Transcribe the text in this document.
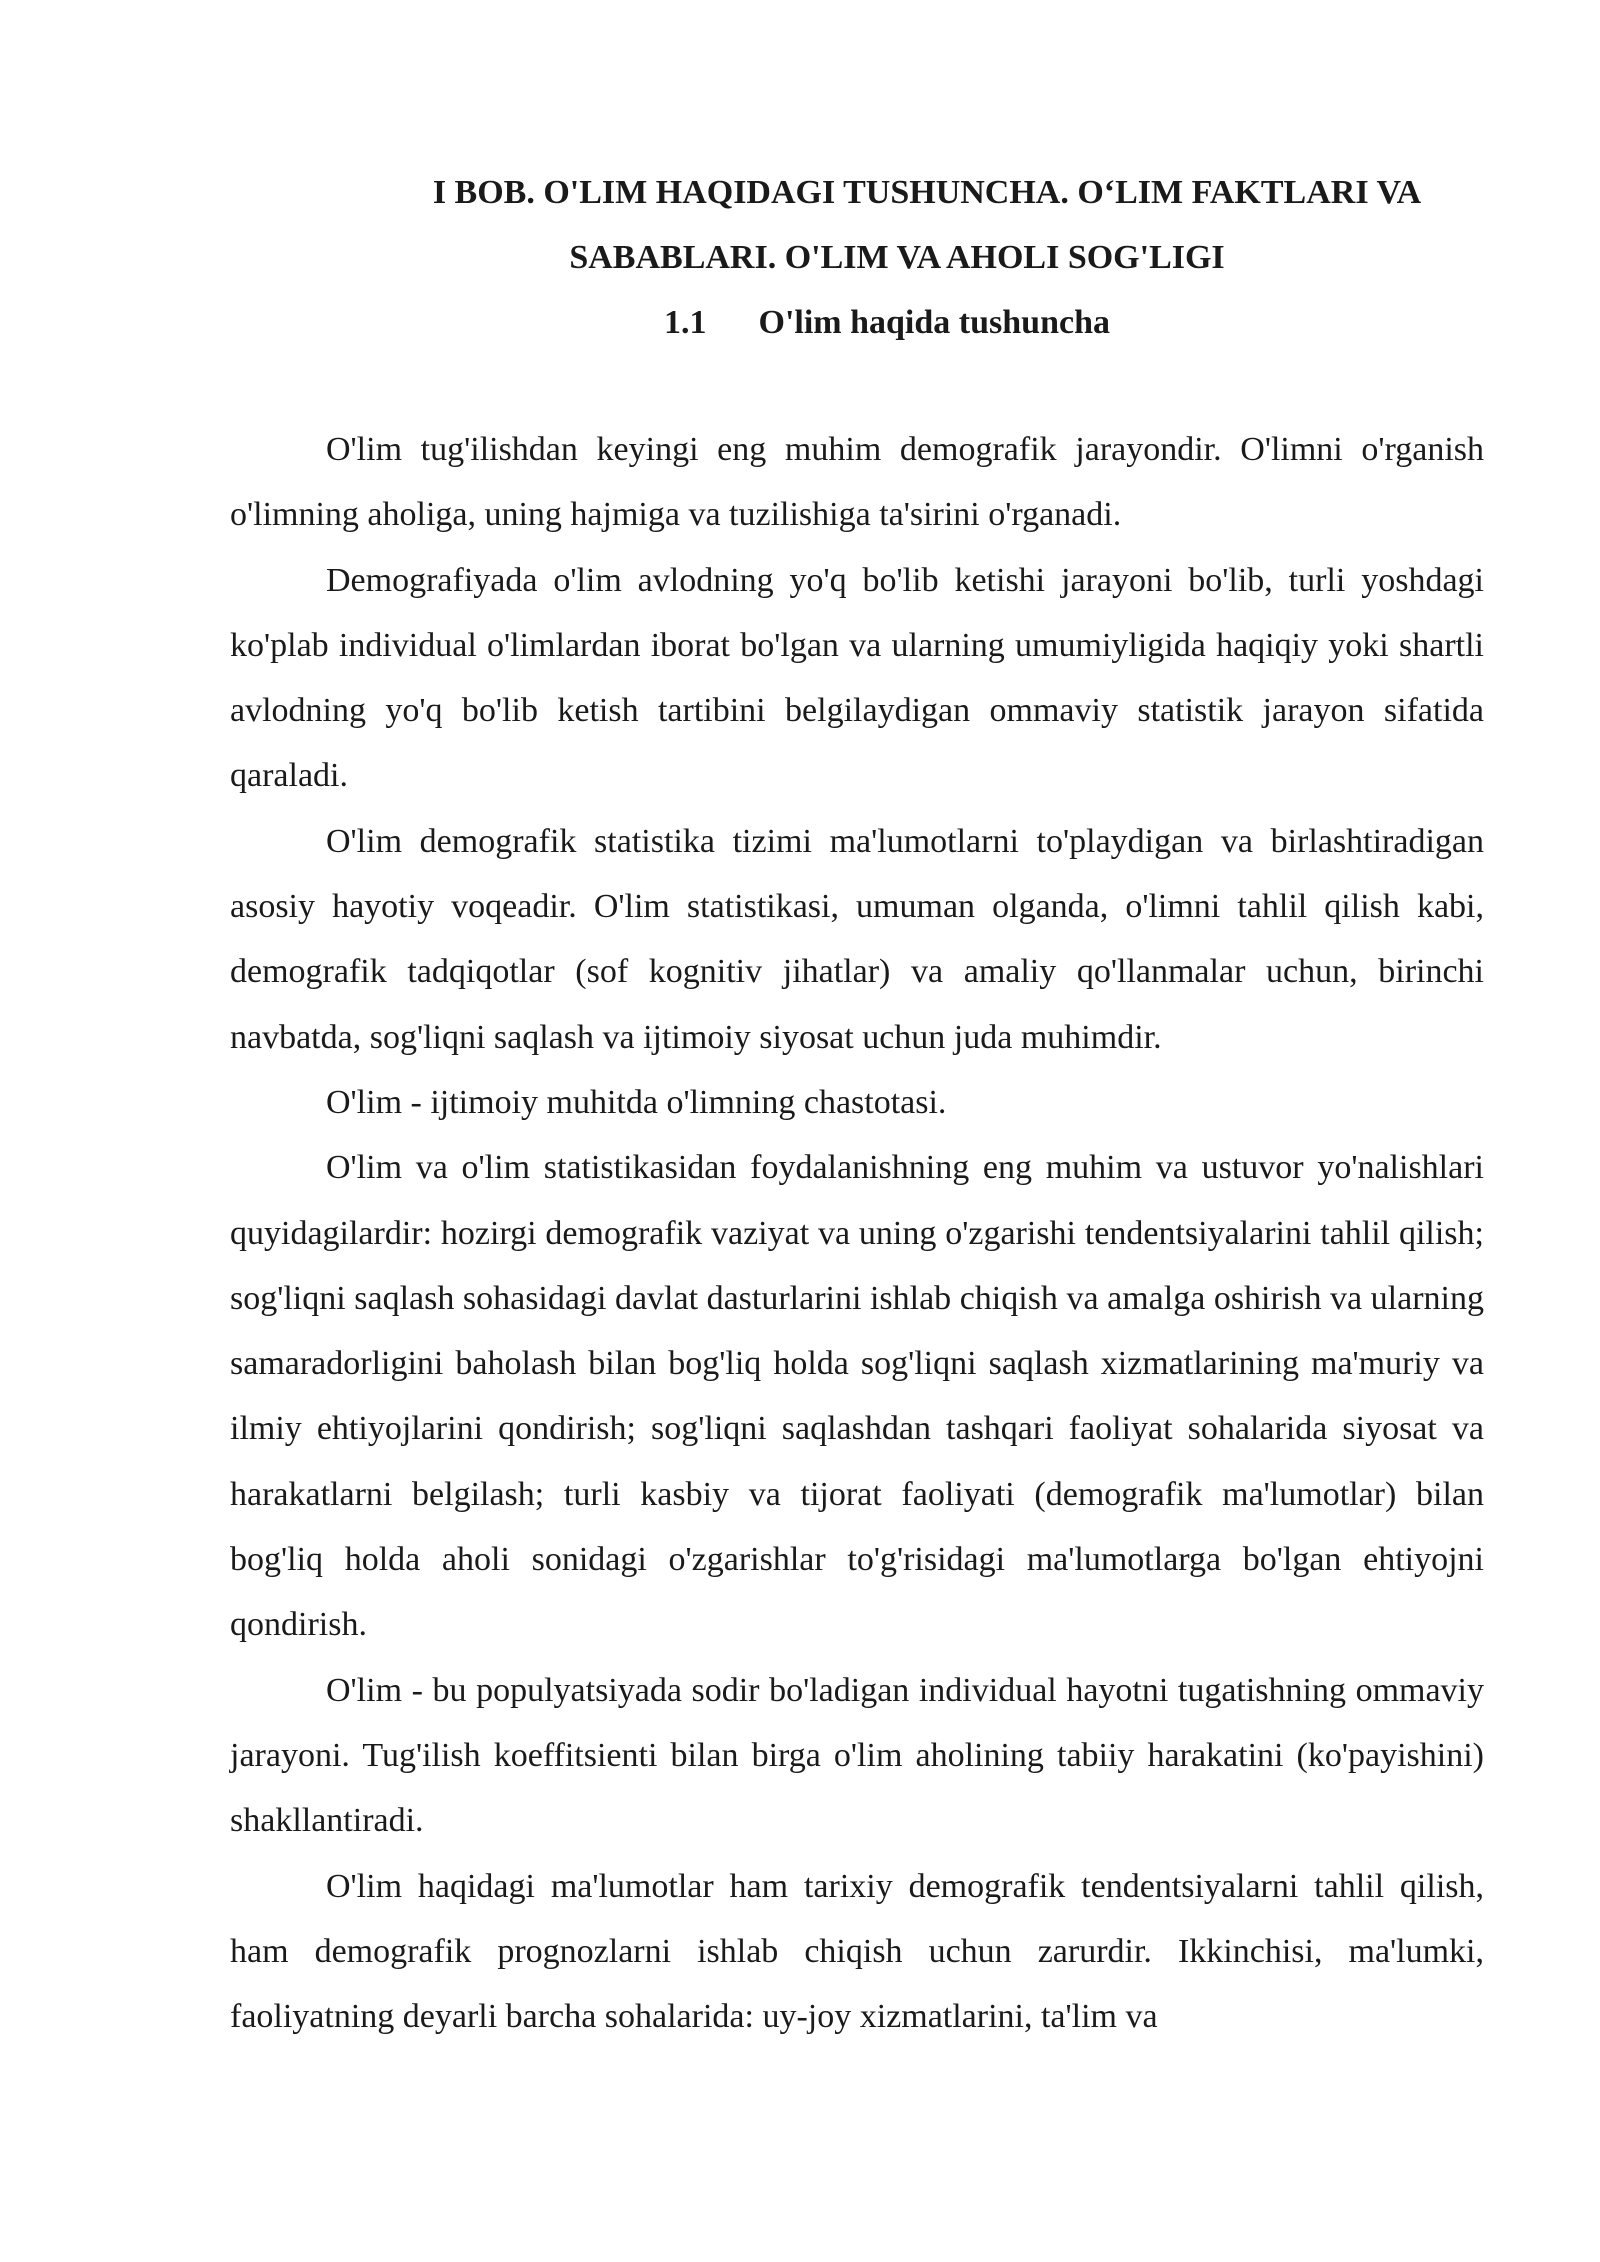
I BOB. O'LIM HAQIDAGI TUSHUNCHA. O‘LIM FAKTLARI VA
SABABLARI. O'LIM VA AHOLI SOG'LIGI
1.1 O'lim haqida tushuncha

O'lim tug'ilishdan keyingi eng muhim demografik jarayondir. O'limni o'rganish o'limning aholiga, uning hajmiga va tuzilishiga ta'sirini o'rganadi.

Demografiyada o'lim avlodning yo'q bo'lib ketishi jarayoni bo'lib, turli yoshdagi ko'plab individual o'limlardan iborat bo'lgan va ularning umumiyligida haqiqiy yoki shartli avlodning yo'q bo'lib ketish tartibini belgilaydigan ommaviy statistik jarayon sifatida qaraladi.

O'lim demografik statistika tizimi ma'lumotlarni to'playdigan va birlashtiradigan asosiy hayotiy voqeadir. O'lim statistikasi, umuman olganda, o'limni tahlil qilish kabi, demografik tadqiqotlar (sof kognitiv jihatlar) va amaliy qo'llanmalar uchun, birinchi navbatda, sog'liqni saqlash va ijtimoiy siyosat uchun juda muhimdir.

O'lim - ijtimoiy muhitda o'limning chastotasi.

O'lim va o'lim statistikasidan foydalanishning eng muhim va ustuvor yo'nalishlari quyidagilardir: hozirgi demografik vaziyat va uning o'zgarishi tendentsiyalarini tahlil qilish; sog'liqni saqlash sohasidagi davlat dasturlarini ishlab chiqish va amalga oshirish va ularning samaradorligini baholash bilan bog'liq holda sog'liqni saqlash xizmatlarining ma'muriy va ilmiy ehtiyojlarini qondirish; sog'liqni saqlashdan tashqari faoliyat sohalarida siyosat va harakatlarni belgilash; turli kasbiy va tijorat faoliyati (demografik ma'lumotlar) bilan bog'liq holda aholi sonidagi o'zgarishlar to'g'risidagi ma'lumotlarga bo'lgan ehtiyojni qondirish.

O'lim - bu populyatsiyada sodir bo'ladigan individual hayotni tugatishning ommaviy jarayoni. Tug'ilish koeffitsienti bilan birga o'lim aholining tabiiy harakatini (ko'payishini) shakllantiradi.

O'lim haqidagi ma'lumotlar ham tarixiy demografik tendentsiyalarni tahlil qilish, ham demografik prognozlarni ishlab chiqish uchun zarurdir. Ikkinchisi, ma'lumki, faoliyatning deyarli barcha sohalarida: uy-joy xizmatlarini, ta'lim va
